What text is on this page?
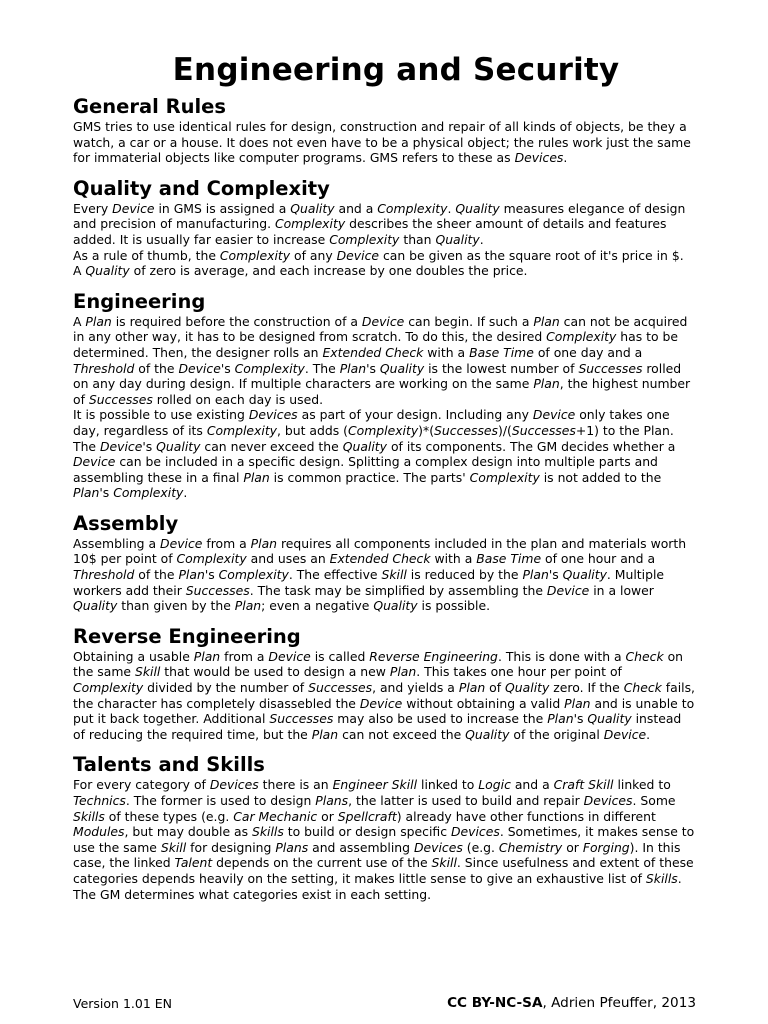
Engineering and Security
General Rules

GMS tries to use identical rules for design, construction and repair of all kinds of objects, be they a watch, a car or a house. It does not even have to be a physical object; the rules work just the same for immaterial objects like computer programs. GMS refers to these as Devices.

Quality and Complexity

Every Device in GMS is assigned a Quality and a Complexity. Quality measures elegance of design and precision of manufacturing. Complexity describes the sheer amount of details and features added. It is usually far easier to increase Complexity than Quality.

As a rule of thumb, the Complexity of any Device can be given as the square root of it's price in $. A Quality of zero is average, and each increase by one doubles the price.

Engineering

A Plan is required before the construction of a Device can begin. If such a Plan can not be acquired in any other way, it has to be designed from scratch. To do this, the desired Complexity has to be determined. Then, the designer rolls an Extended Check with a Base Time of one day and a Threshold of the Device's Complexity. The Plan's Quality is the lowest number of Successes rolled on any day during design. If multiple characters are working on the same Plan, the highest number of Successes rolled on each day is used.

It is possible to use existing Devices as part of your design. Including any Device only takes one day, regardless of its Complexity, but adds (Complexity)*(Successes)/(Successes+1) to the Plan. The Device's Quality can never exceed the Quality of its components. The GM decides whether a Device can be included in a specific design. Splitting a complex design into multiple parts and assembling these in a final Plan is common practice. The parts' Complexity is not added to the Plan's Complexity.

Assembly

Assembling a Device from a Plan requires all components included in the plan and materials worth 10$ per point of Complexity and uses an Extended Check with a Base Time of one hour and a Threshold of the Plan's Complexity. The effective Skill is reduced by the Plan's Quality. Multiple workers add their Successes. The task may be simplified by assembling the Device in a lower Quality than given by the Plan; even a negative Quality is possible.

Reverse Engineering

Obtaining a usable Plan from a Device is called Reverse Engineering. This is done with a Check on the same Skill that would be used to design a new Plan. This takes one hour per point of Complexity divided by the number of Successes, and yields a Plan of Quality zero. If the Check fails, the character has completely disassebled the Device without obtaining a valid Plan and is unable to put it back together. Additional Successes may also be used to increase the Plan's Quality instead of reducing the required time, but the Plan can not exceed the Quality of the original Device.

Talents and Skills

For every category of Devices there is an Engineer Skill linked to Logic and a Craft Skill linked to Technics. The former is used to design Plans, the latter is used to build and repair Devices. Some Skills of these types (e.g. Car Mechanic or Spellcraft) already have other functions in different Modules, but may double as Skills to build or design specific Devices. Sometimes, it makes sense to use the same Skill for designing Plans and assembling Devices (e.g. Chemistry or Forging). In this case, the linked Talent depends on the current use of the Skill. Since usefulness and extent of these categories depends heavily on the setting, it makes little sense to give an exhaustive list of Skills. The GM determines what categories exist in each setting.

Version 1.01 EN	CC BY-NC-SA, Adrien Pfeuffer, 2013
